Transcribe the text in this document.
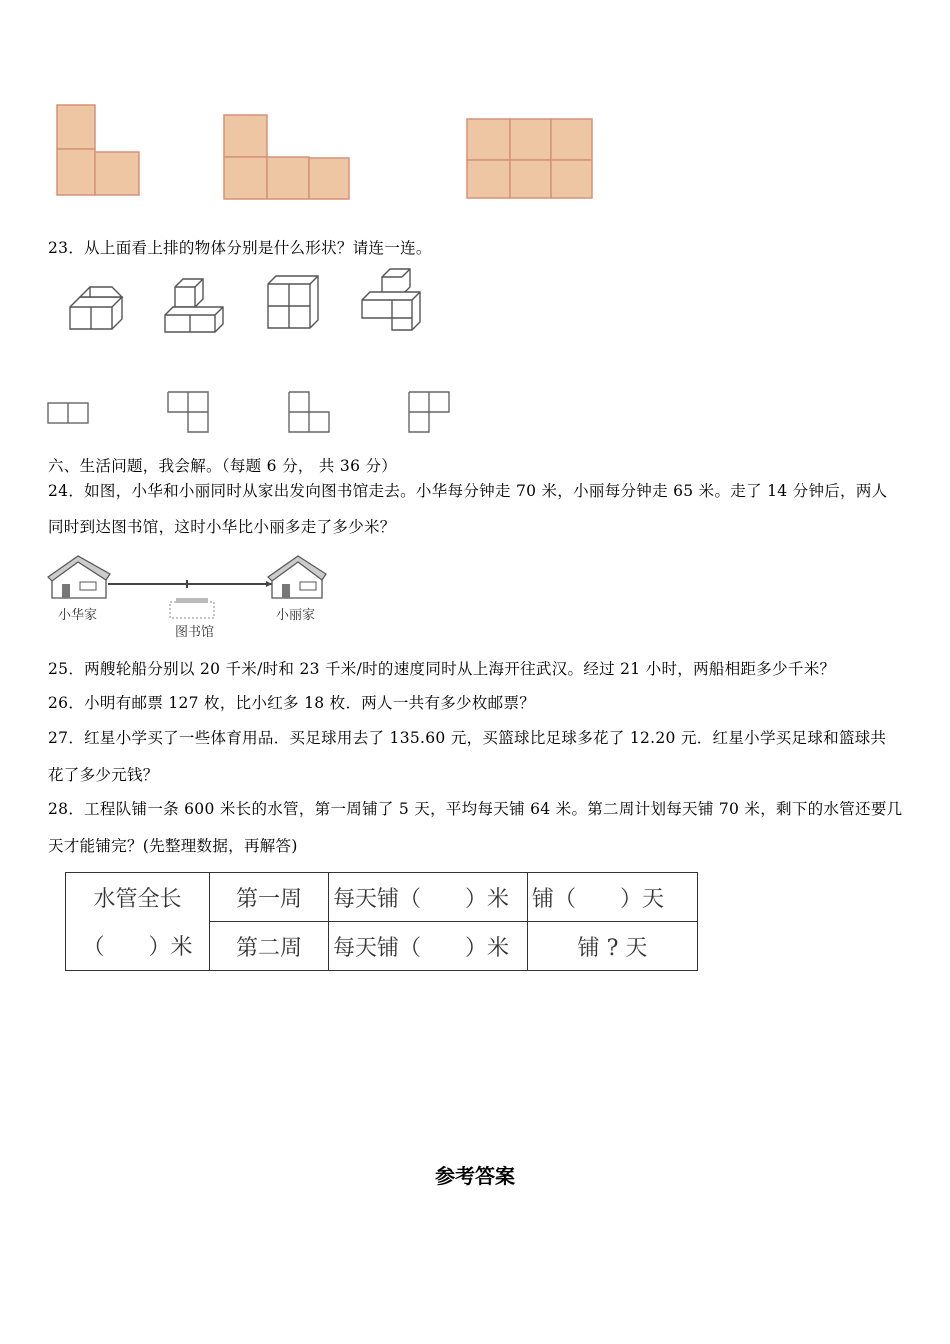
23．从上面看上排的物体分别是什么形状？请连一连。
六、生活问题，我会解。（每题 6 分， 共 36 分）
24．如图，小华和小丽同时从家出发向图书馆走去。小华每分钟走 70 米，小丽每分钟走 65 米。走了 14 分钟后，两人
同时到达图书馆，这时小华比小丽多走了多少米？
小华家
图书馆
小丽家
25．两艘轮船分别以 20 千米/时和 23 千米/时的速度同时从上海开往武汉。经过 21 小时，两船相距多少千米？
26．小明有邮票 127 枚，比小红多 18 枚．两人一共有多少枚邮票？
27．红星小学买了一些体育用品．买足球用去了 135.60 元，买篮球比足球多花了 12.20 元．红星小学买足球和篮球共
花了多少元钱？
28．工程队铺一条 600 米长的水管，第一周铺了 5 天，平均每天铺 64 米。第二周计划每天铺 70 米，剩下的水管还要几
天才能铺完？(先整理数据，再解答)
水管全长	第一周	每天铺（　　）米	铺（　　）天
（　　）米	第二周	每天铺（　　）米	铺 ? 天
参考答案
